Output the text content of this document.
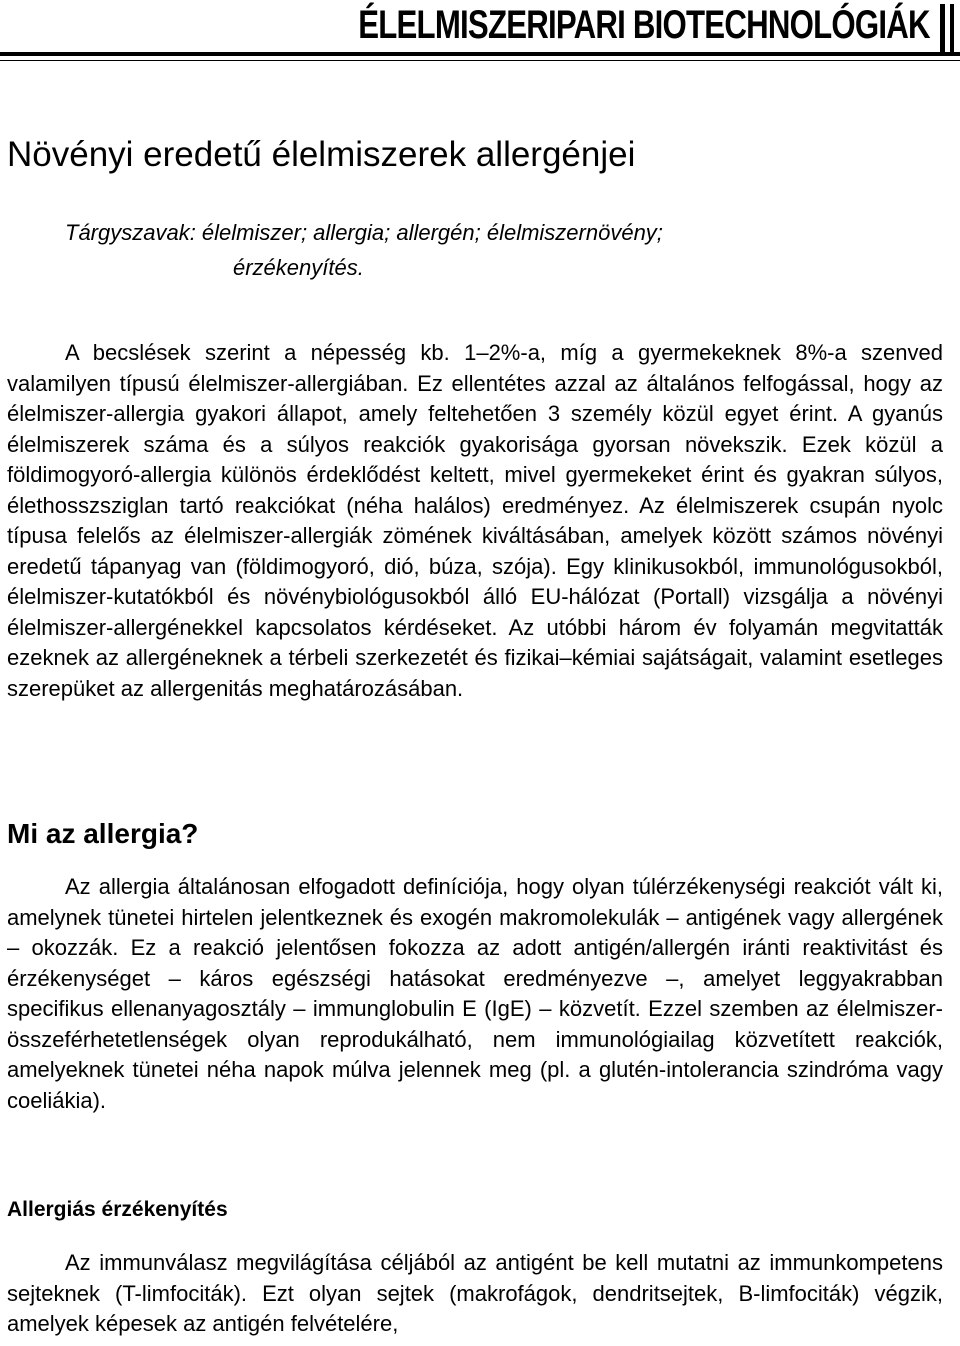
ÉLELMISZERIPARI BIOTECHNOLÓGIÁK
Növényi eredetű élelmiszerek allergénjei
Tárgyszavak: élelmiszer; allergia; allergén; élelmiszernövény;
érzékenyítés.

A becslések szerint a népesség kb. 1–2%-a, míg a gyermekeknek 8%-a szenved valamilyen típusú élelmiszer-allergiában. Ez ellentétes azzal az általános felfogással, hogy az élelmiszer-allergia gyakori állapot, amely feltehetően 3 személy közül egyet érint. A gyanús élelmiszerek száma és a súlyos reakciók gyakorisága gyorsan növekszik. Ezek közül a földimogyoró-allergia különös érdeklődést keltett, mivel gyermekeket érint és gyakran súlyos, élethosszsziglan tartó reakciókat (néha halálos) eredményez. Az élelmiszerek csupán nyolc típusa felelős az élelmiszer-allergiák zömének kiváltásában, amelyek között számos növényi eredetű tápanyag van (földimogyoró, dió, búza, szója). Egy klinikusokból, immunológusokból, élelmiszer-kutatókból és növénybiológusokból álló EU-hálózat (Portall) vizsgálja a növényi élelmiszer-allergénekkel kapcsolatos kérdéseket. Az utóbbi három év folyamán megvitatták ezeknek az allergéneknek a térbeli szerkezetét és fizikai–kémiai sajátságait, valamint esetleges szerepüket az allergenitás meghatározásában.

Mi az allergia?

Az allergia általánosan elfogadott definíciója, hogy olyan túlérzékenységi reakciót vált ki, amelynek tünetei hirtelen jelentkeznek és exogén makromolekulák – antigének vagy allergének – okozzák. Ez a reakció jelentősen fokozza az adott antigén/allergén iránti reaktivitást és érzékenységet – káros egészségi hatásokat eredményezve –, amelyet leggyakrabban specifikus ellenanyagosztály – immunglobulin E (IgE) – közvetít. Ezzel szemben az élelmiszer-összeférhetetlenségek olyan reprodukálható, nem immunológiailag közvetített reakciók, amelyeknek tünetei néha napok múlva jelennek meg (pl. a glutén-intolerancia szindróma vagy coeliákia).

Allergiás érzékenyítés

Az immunválasz megvilágítása céljából az antigént be kell mutatni az immunkompetens sejteknek (T-limfociták). Ezt olyan sejtek (makrofágok, dendritsejtek, B-limfociták) végzik, amelyek képesek az antigén felvételére,
